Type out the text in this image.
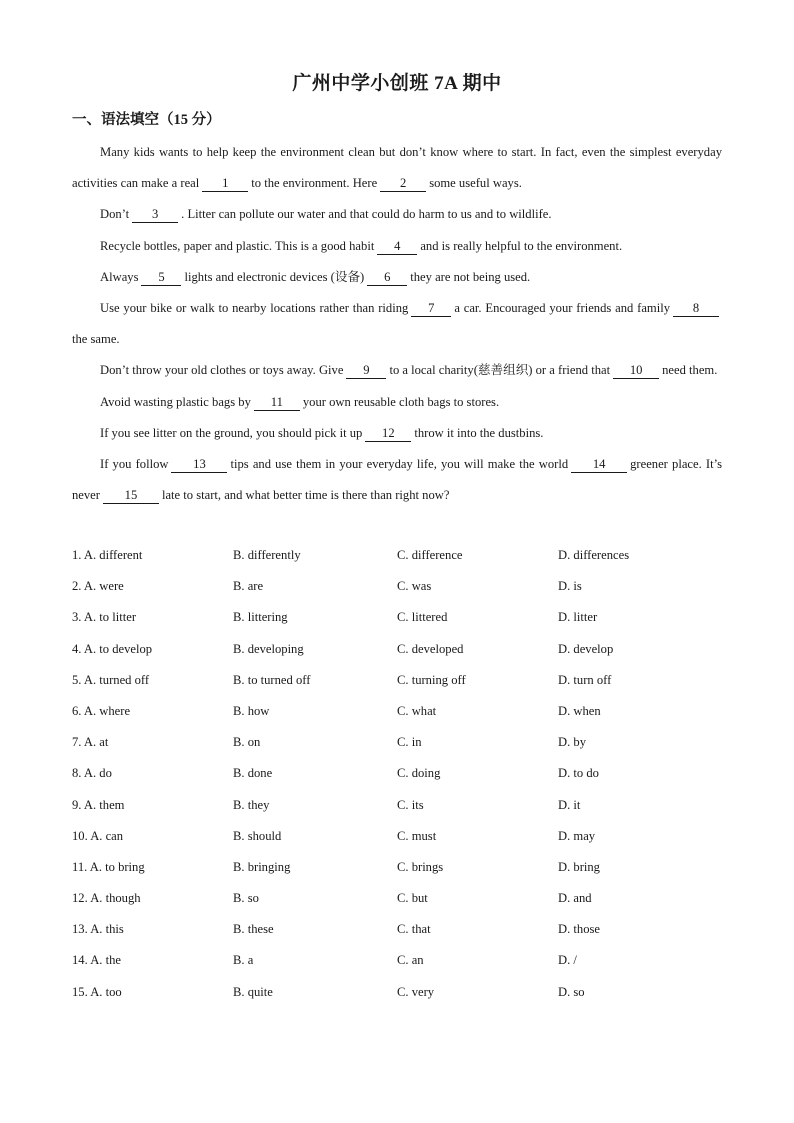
广州中学小创班 7A 期中
一、语法填空（15 分）

Many kids wants to help keep the environment clean but don’t know where to start. In fact, even the simplest everyday activities can make a real 1 to the environment. Here 2 some useful ways.

Don’t 3 . Litter can pollute our water and that could do harm to us and to wildlife.

Recycle bottles, paper and plastic. This is a good habit 4 and is really helpful to the environment.

Always 5 lights and electronic devices (设备) 6 they are not being used.

Use your bike or walk to nearby locations rather than riding 7 a car. Encouraged your friends and family 8the same.

Don’t throw your old clothes or toys away. Give 9 to a local charity(慈善组织) or a friend that 10 need them.

Avoid wasting plastic bags by 11 your own reusable cloth bags to stores.

If you see litter on the ground, you should pick it up 12 throw it into the dustbins.

If you follow 13 tips and use them in your everyday life, you will make the world 14 greener place. It’s never 15 late to start, and what better time is there than right now?

1. A. different	B. differently	C. difference	D. differences
2. A. were	B. are	C. was	D. is
3. A. to litter	B. littering	C. littered	D. litter
4. A. to develop	B. developing	C. developed	D. develop
5. A. turned off	B. to turned off	C. turning off	D. turn off
6. A. where	B. how	C. what	D. when
7. A. at	B. on	C. in	D. by
8. A. do	B. done	C. doing	D. to do
9. A. them	B. they	C. its	D. it
10. A. can	B. should	C. must	D. may
11. A. to bring	B. bringing	C. brings	D. bring
12. A. though	B. so	C. but	D. and
13. A. this	B. these	C. that	D. those
14. A. the	B. a	C. an	D. /
15. A. too	B. quite	C. very	D. so
